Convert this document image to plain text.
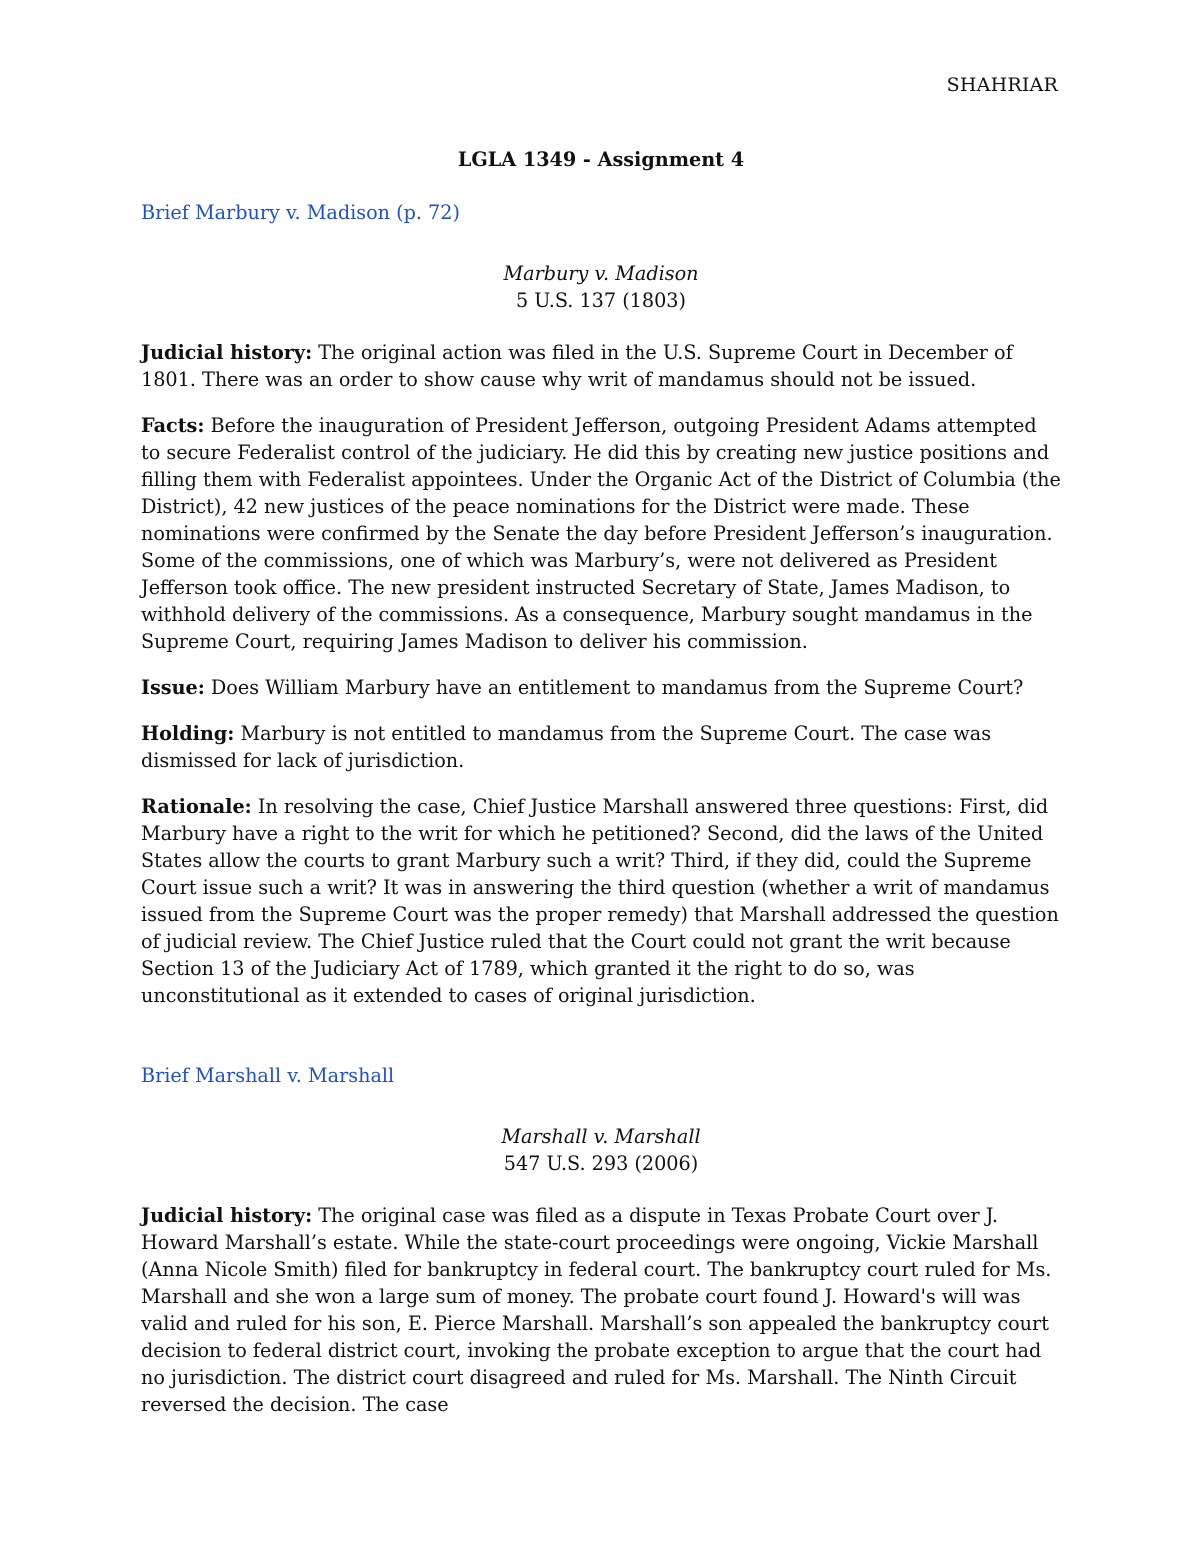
SHAHRIAR
LGLA 1349 - Assignment 4
Brief Marbury v. Madison (p. 72)
Marbury v. Madison
5 U.S. 137 (1803)

Judicial history: The original action was filed in the U.S. Supreme Court in December of 1801. There was an order to show cause why writ of mandamus should not be issued.

Facts: Before the inauguration of President Jefferson, outgoing President Adams attempted to secure Federalist control of the judiciary. He did this by creating new justice positions and filling them with Federalist appointees. Under the Organic Act of the District of Columbia (the District), 42 new justices of the peace nominations for the District were made. These nominations were confirmed by the Senate the day before President Jefferson’s inauguration. Some of the commissions, one of which was Marbury’s, were not delivered as President Jefferson took office. The new president instructed Secretary of State, James Madison, to withhold delivery of the commissions. As a consequence, Marbury sought mandamus in the Supreme Court, requiring James Madison to deliver his commission.

Issue: Does William Marbury have an entitlement to mandamus from the Supreme Court?

Holding: Marbury is not entitled to mandamus from the Supreme Court. The case was dismissed for lack of jurisdiction.

Rationale: In resolving the case, Chief Justice Marshall answered three questions: First, did Marbury have a right to the writ for which he petitioned? Second, did the laws of the United States allow the courts to grant Marbury such a writ? Third, if they did, could the Supreme Court issue such a writ? It was in answering the third question (whether a writ of mandamus issued from the Supreme Court was the proper remedy) that Marshall addressed the question of judicial review. The Chief Justice ruled that the Court could not grant the writ because Section 13 of the Judiciary Act of 1789, which granted it the right to do so, was unconstitutional as it extended to cases of original jurisdiction.

Brief Marshall v. Marshall
Marshall v. Marshall
547 U.S. 293 (2006)

Judicial history: The original case was filed as a dispute in Texas Probate Court over J. Howard Marshall’s estate. While the state-court proceedings were ongoing, Vickie Marshall (Anna Nicole Smith) filed for bankruptcy in federal court. The bankruptcy court ruled for Ms. Marshall and she won a large sum of money. The probate court found J. Howard's will was valid and ruled for his son, E. Pierce Marshall. Marshall’s son appealed the bankruptcy court decision to federal district court, invoking the probate exception to argue that the court had no jurisdiction. The district court disagreed and ruled for Ms. Marshall. The Ninth Circuit reversed the decision. The case
